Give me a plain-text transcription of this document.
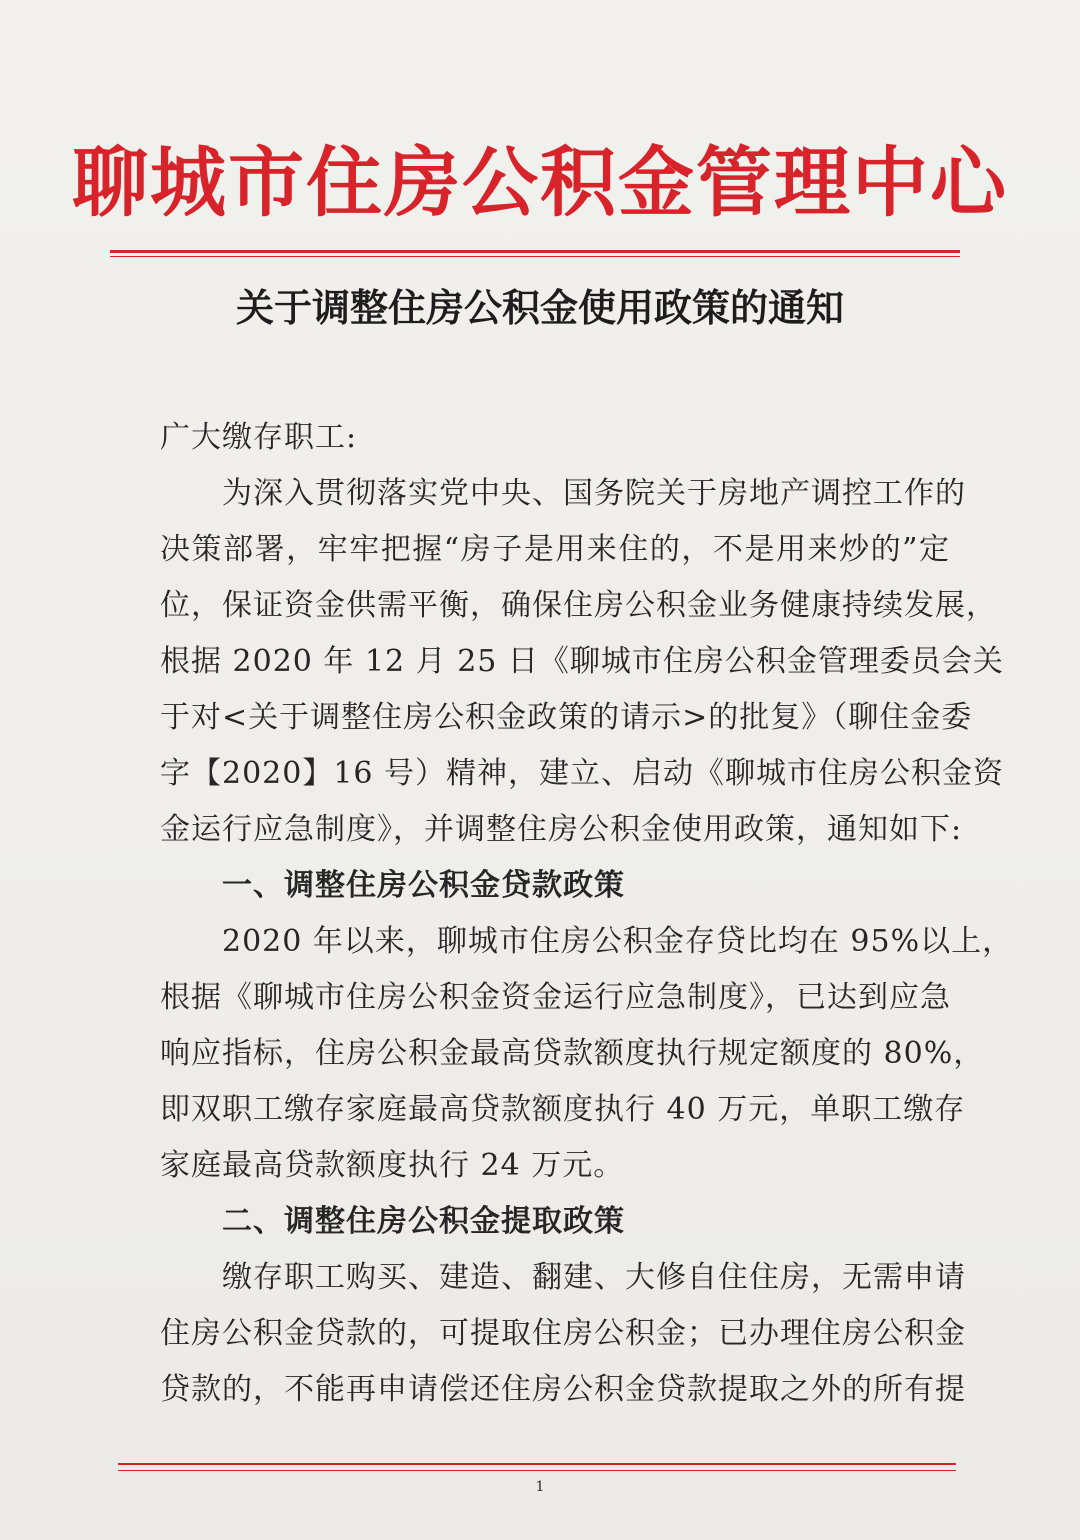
聊城市住房公积金管理中心
关于调整住房公积金使用政策的通知
广大缴存职工:
为深入贯彻落实党中央、国务院关于房地产调控工作的
决策部署，牢牢把握“房子是用来住的，不是用来炒的”定
位，保证资金供需平衡，确保住房公积金业务健康持续发展，
根据 2020 年 12 月 25 日《聊城市住房公积金管理委员会关
于对<关于调整住房公积金政策的请示>的批复》（聊住金委
字【2020】16 号）精神，建立、启动《聊城市住房公积金资
金运行应急制度》，并调整住房公积金使用政策，通知如下:
一、调整住房公积金贷款政策
2020 年以来，聊城市住房公积金存贷比均在 95%以上，
根据《聊城市住房公积金资金运行应急制度》，已达到应急
响应指标，住房公积金最高贷款额度执行规定额度的 80%，
即双职工缴存家庭最高贷款额度执行 40 万元，单职工缴存
家庭最高贷款额度执行 24 万元。
二、调整住房公积金提取政策
缴存职工购买、建造、翻建、大修自住住房，无需申请
住房公积金贷款的，可提取住房公积金；已办理住房公积金
贷款的，不能再申请偿还住房公积金贷款提取之外的所有提
1
